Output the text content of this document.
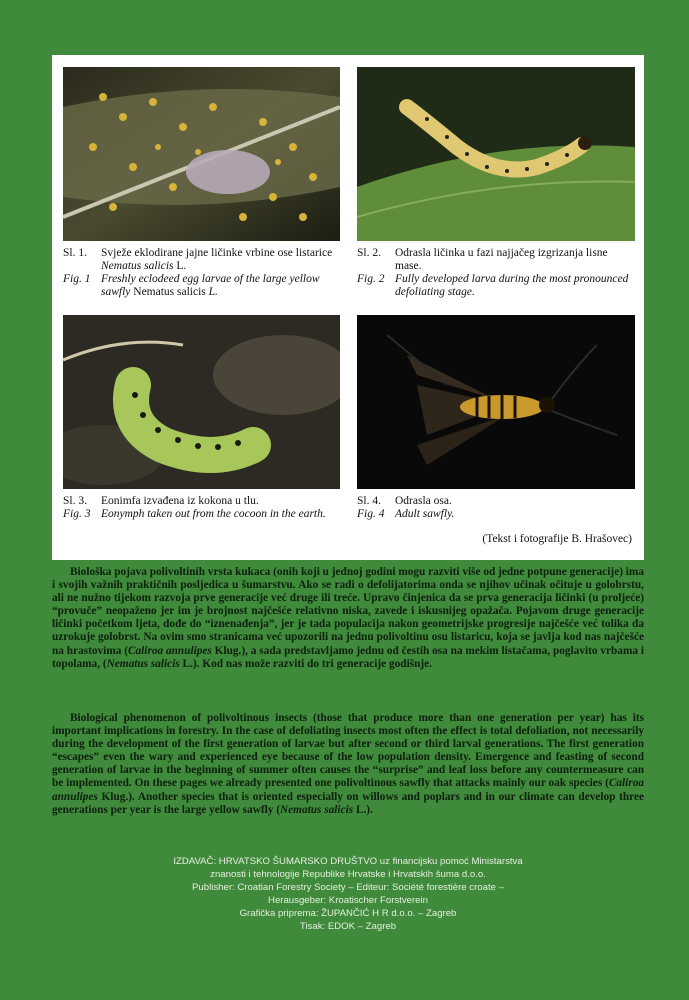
Sl. 1. Svježe eklodirane jajne ličinke vrbine ose listarice Nematus salicis L.
Fig. 1 Freshly eclodeed egg larvae of the large yellow sawfly Nematus salicis L.
Sl. 2. Odrasla ličinka u fazi najjačeg izgrizanja lisne mase.
Fig. 2 Fully developed larva during the most pronounced defoliating stage.
Sl. 3. Eonimfa izvađena iz kokona u tlu.
Fig. 3 Eonymph taken out from the cocoon in the earth.
Sl. 4. Odrasla osa.
Fig. 4 Adult sawfly.
(Tekst i fotografije B. Hrašovec)

Biološka pojava polivoltinih vrsta kukaca (onih koji u jednoj godini mogu razviti više od jedne potpune generacije) ima i svojih važnih praktičnih posljedica u šumarstvu. Ako se radi o defolijatorima onda se njihov učinak očituje u golobrstu, ali ne nužno tijekom razvoja prve generacije već druge ili treće. Upravo činjenica da se prva generacija ličinki (u proljeće) “provuče” neopaženo jer im je brojnost najčešće relativno niska, zavede i iskusnijeg opažača. Pojavom druge generacije ličinki početkom ljeta, dođe do “iznenađenja”, jer je tada populacija nakon geometrijske progresije najčešće već tolika da uzrokuje golobrst. Na ovim smo stranicama već upozorili na jednu polivoltinu osu listaricu, koja se javlja kod nas najčešće na hrastovima (Caliroa annulipes Klug.), a sada predstavljamo jednu od čestih osa na mekim listačama, poglavito vrbama i topolama, (Nematus salicis L.). Kod nas može razviti do tri generacije godišnje.

Biological phenomenon of polivoltinous insects (those that produce more than one generation per year) has its important implications in forestry. In the case of defoliating insects most often the effect is total defoliation, not necessarily during the development of the first generation of larvae but after second or third larval generations. The first generation “escapes” even the wary and experienced eye because of the low population density. Emergence and feasting of second generation of larvae in the beginning of summer often causes the “surprise” and leaf loss before any countermeasure can be implemented. On these pages we already presented one polivoltinous sawfly that attacks mainly our oak species (Caliroa annulipes Klug.). Another species that is oriented especially on willows and poplars and in our climate can develop three generations per year is the large yellow sawfly (Nematus salicis L.).

IZDAVAČ: HRVATSKO ŠUMARSKO DRUŠTVO uz financijsku pomoć Ministarstva
znanosti i tehnologije Republike Hrvatske i Hrvatskih šuma d.o.o.
Publisher: Croatian Forestry Society – Editeur: Société forestière croate –
Herausgeber: Kroatischer Forstverein
Grafička priprema: ŽUPANČIĆ H R d.o.o. – Zagreb
Tisak: EDOK – Zagreb
